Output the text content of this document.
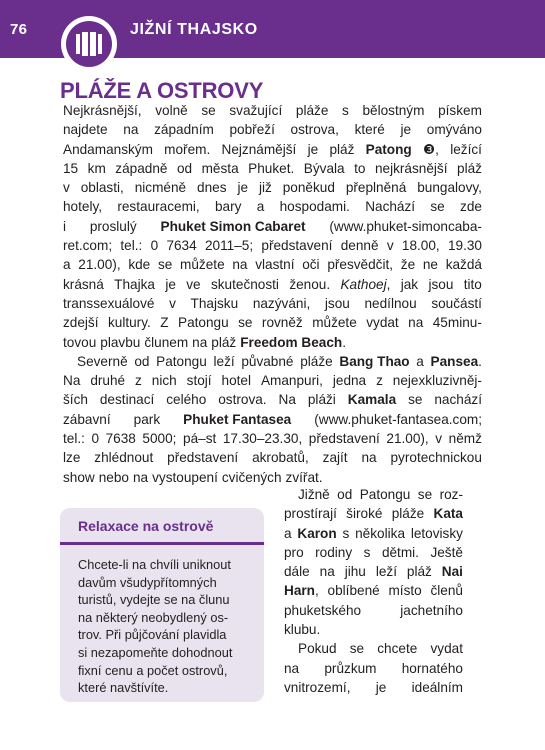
76	JIŽNÍ THAJSKO
PLÁŽE A OSTROVY
Nejkrásnější, volně se svažující pláže s bělostným pískem
najdete na západním pobřeží ostrova, které je omýváno
Andamanským mořem. Nejznámější je pláž Patong ❸, ležící
15 km západně od města Phuket. Bývala to nejkrásnější pláž
v oblasti, nicméně dnes je již poněkud přeplněná bungalovy,
hotely, restauracemi, bary a hospodami. Nachází se zde
i proslulý Phuket Simon Cabaret (www.phuket-simoncaba-
ret.com; tel.: 0 7634 2011–5; představení denně v 18.00, 19.30
a 21.00), kde se můžete na vlastní oči přesvědčit, že ne každá
krásná Thajka je ve skutečnosti ženou. Kathoej, jak jsou tito
transsexuálové v Thajsku nazýváni, jsou nedílnou součástí
zdejší kultury. Z Patongu se rovněž můžete vydat na 45minu-
tovou plavbu člunem na pláž Freedom Beach.
Severně od Patongu leží půvabné pláže Bang Thao a Pansea.
Na druhé z nich stojí hotel Amanpuri, jedna z nejexkluzivněj-
ších destinací celého ostrova. Na pláži Kamala se nachází
zábavní park Phuket Fantasea (www.phuket-fantasea.com;
tel.: 0 7638 5000; pá–st 17.30–23.30, představení 21.00), v němž
lze zhlédnout představení akrobatů, zajít na pyrotechnickou
show nebo na vystoupení cvičených zvířat.
Relaxace na ostrově
Chcete-li na chvíli uniknout
davům všudypřítomných
turistů, vydejte se na člunu
na některý neobydlený os-
trov. Při půjčování plavidla
si nezapomeňte dohodnout
fixní cenu a počet ostrovů,
které navštívíte.
Jižně od Patongu se roz-
prostírají široké pláže Kata
a Karon s několika letovisky
pro rodiny s dětmi. Ještě
dále na jihu leží pláž Nai
Harn, oblíbené místo členů
phuketského	jachetního
klubu.
Pokud se chcete vydat
na průzkum hornatého
vnitrozemí, je ideálním
